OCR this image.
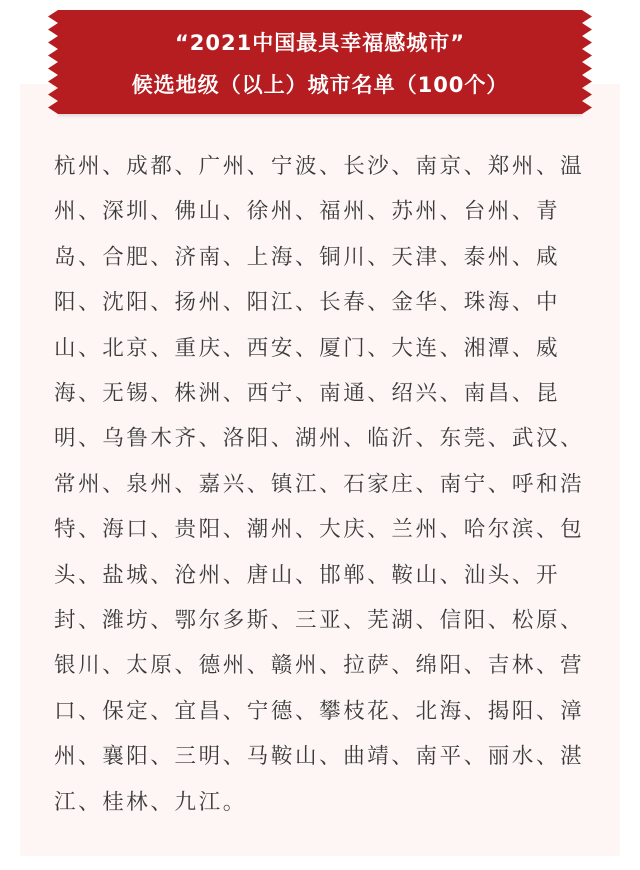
“2021中国最具幸福感城市”
候选地级（以上）城市名单（100个）

杭州、成都、广州、宁波、长沙、南京、郑州、温州、深圳、佛山、徐州、福州、苏州、台州、青岛、合肥、济南、上海、铜川、天津、泰州、咸阳、沈阳、扬州、阳江、长春、金华、珠海、中山、北京、重庆、西安、厦门、大连、湘潭、威海、无锡、株洲、西宁、南通、绍兴、南昌、昆明、乌鲁木齐、洛阳、湖州、临沂、东莞、武汉、常州、泉州、嘉兴、镇江、石家庄、南宁、呼和浩特、海口、贵阳、潮州、大庆、兰州、哈尔滨、包头、盐城、沧州、唐山、邯郸、鞍山、汕头、开封、潍坊、鄂尔多斯、三亚、芜湖、信阳、松原、银川、太原、德州、赣州、拉萨、绵阳、吉林、营口、保定、宜昌、宁德、攀枝花、北海、揭阳、漳州、襄阳、三明、马鞍山、曲靖、南平、丽水、湛江、桂林、九江。
